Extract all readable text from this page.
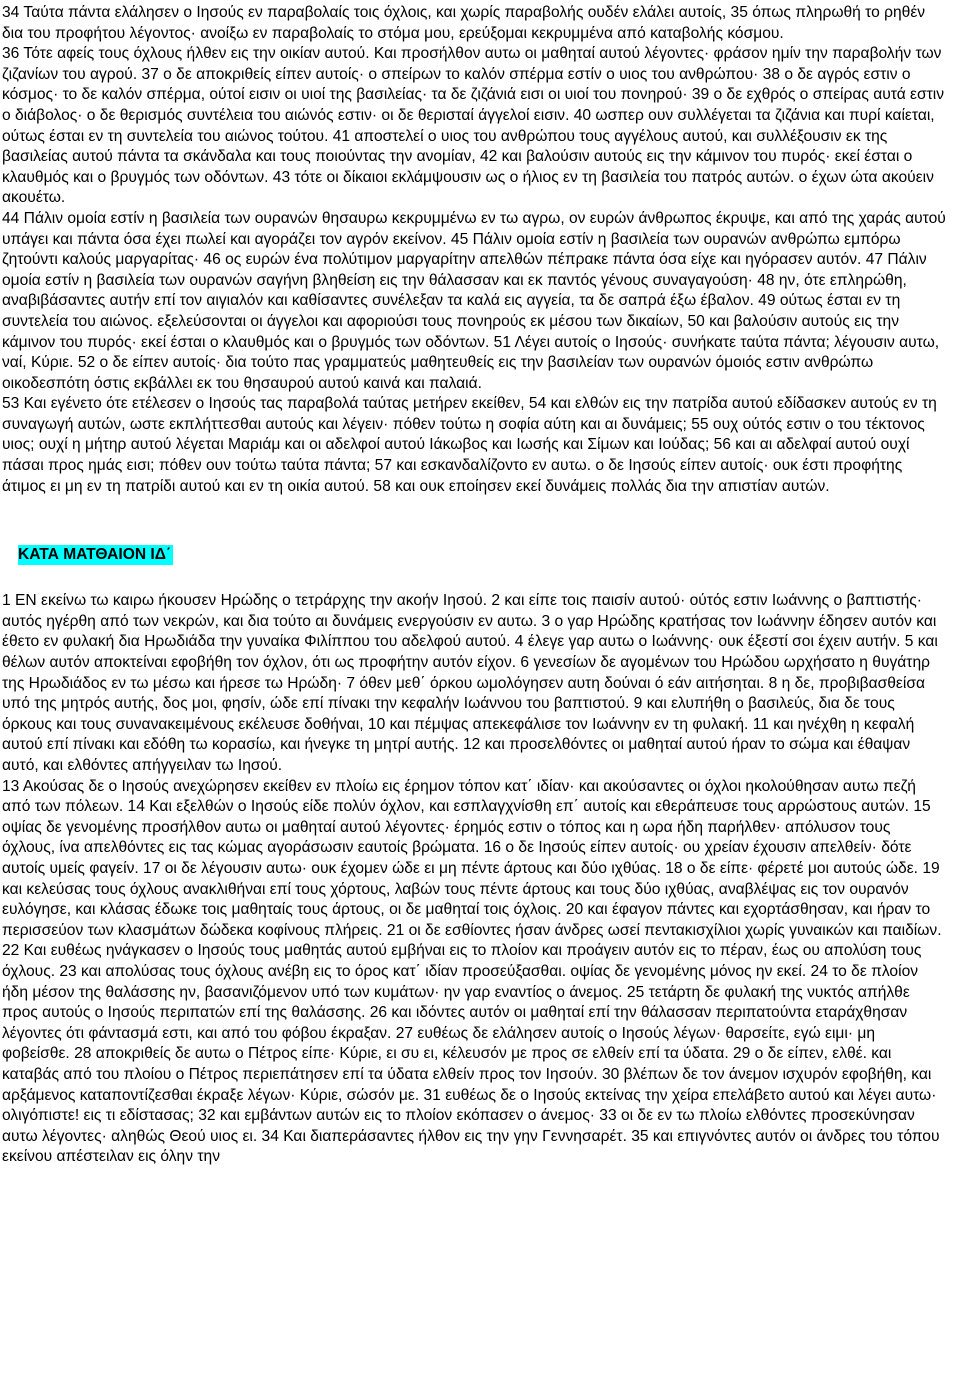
34 Ταύτα πάντα ελάλησεν ο Ιησούς εν παραβολαίς τοις όχλοις, και χωρίς παραβολής ουδέν ελάλει αυτοίς, 35 όπως πληρωθή το ρηθέν δια του προφήτου λέγοντος· ανοίξω εν παραβολαίς το στόμα μου, ερεύξομαι κεκρυμμένα από καταβολής κόσμου.

36 Τότε αφείς τους όχλους ήλθεν εις την οικίαν αυτού. Και προσήλθον αυτω οι μαθηταί αυτού λέγοντες· φράσον ημίν την παραβολήν των ζιζανίων του αγρού. 37 ο δε αποκριθείς είπεν αυτοίς· ο σπείρων το καλόν σπέρμα εστίν ο υιος του ανθρώπου· 38 ο δε αγρός εστιν ο κόσμος· το δε καλόν σπέρμα, ούτοί εισιν οι υιοί της βασιλείας· τα δε ζιζάνιά εισι οι υιοί του πονηρού· 39 ο δε εχθρός ο σπείρας αυτά εστιν ο διάβολος· ο δε θερισμός συντέλεια του αιώνός εστιν· οι δε θερισταί άγγελοί εισιν. 40 ωσπερ ουν συλλέγεται τα ζιζάνια και πυρί καίεται, ούτως έσται εν τη συντελεία του αιώνος τούτου. 41 αποστελεί ο υιος του ανθρώπου τους αγγέλους αυτού, και συλλέξουσιν εκ της βασιλείας αυτού πάντα τα σκάνδαλα και τους ποιούντας την ανομίαν, 42 και βαλούσιν αυτούς εις την κάμινον του πυρός· εκεί έσται ο κλαυθμός και ο βρυγμός των οδόντων. 43 τότε οι δίκαιοι εκλάμψουσιν ως ο ήλιος εν τη βασιλεία του πατρός αυτών. ο έχων ώτα ακούειν ακουέτω.

44 Πάλιν ομοία εστίν η βασιλεία των ουρανών θησαυρω κεκρυμμένω εν τω αγρω, ον ευρών άνθρωπος έκρυψε, και από της χαράς αυτού υπάγει και πάντα όσα έχει πωλεί και αγοράζει τον αγρόν εκείνον. 45 Πάλιν ομοία εστίν η βασιλεία των ουρανών ανθρώπω εμπόρω ζητούντι καλούς μαργαρίτας· 46 ος ευρών ένα πολύτιμον μαργαρίτην απελθών πέπρακε πάντα όσα είχε και ηγόρασεν αυτόν. 47 Πάλιν ομοία εστίν η βασιλεία των ουρανών σαγήνη βληθείση εις την θάλασσαν και εκ παντός γένους συναγαγούση· 48 ην, ότε επληρώθη, αναβιβάσαντες αυτήν επί τον αιγιαλόν και καθίσαντες συνέλεξαν τα καλά εις αγγεία, τα δε σαπρά έξω έβαλον. 49 ούτως έσται εν τη συντελεία του αιώνος. εξελεύσονται οι άγγελοι και αφοριούσι τους πονηρούς εκ μέσου των δικαίων, 50 και βαλούσιν αυτούς εις την κάμινον του πυρός· εκεί έσται ο κλαυθμός και ο βρυγμός των οδόντων. 51 Λέγει αυτοίς ο Ιησούς· συνήκατε ταύτα πάντα; λέγουσιν αυτω, ναί, Κύριε. 52 ο δε είπεν αυτοίς· δια τούτο πας γραμματεύς μαθητευθείς εις την βασιλείαν των ουρανών όμοιός εστιν ανθρώπω οικοδεσπότη όστις εκβάλλει εκ του θησαυρού αυτού καινά και παλαιά.

53 Και εγένετο ότε ετέλεσεν ο Ιησούς τας παραβολά ταύτας μετήρεν εκείθεν, 54 και ελθών εις την πατρίδα αυτού εδίδασκεν αυτούς εν τη συναγωγή αυτών, ωστε εκπλήττεσθαι αυτούς και λέγειν· πόθεν τούτω η σοφία αύτη και αι δυνάμεις; 55 ουχ ούτός εστιν ο του τέκτονος υιος; ουχί η μήτηρ αυτού λέγεται Μαριάμ και οι αδελφοί αυτού Ιάκωβος και Ιωσής και Σίμων και Ιούδας; 56 και αι αδελφαί αυτού ουχί πάσαι προς ημάς εισι; πόθεν ουν τούτω ταύτα πάντα; 57 και εσκανδαλίζοντο εν αυτω. ο δε Ιησούς είπεν αυτοίς· ουκ έστι προφήτης άτιμος ει μη εν τη πατρίδι αυτού και εν τη οικία αυτού. 58 και ουκ εποίησεν εκεί δυνάμεις πολλάς δια την απιστίαν αυτών.

ΚΑΤΑ ΜΑΤΘΑΙΟΝ ΙΔ΄

1 ΕΝ εκείνω τω καιρω ήκουσεν Ηρώδης ο τετράρχης την ακοήν Ιησού. 2 και είπε τοις παισίν αυτού· ούτός εστιν Ιωάννης ο βαπτιστής· αυτός ηγέρθη από των νεκρών, και δια τούτο αι δυνάμεις ενεργούσιν εν αυτω. 3 ο γαρ Ηρώδης κρατήσας τον Ιωάννην έδησεν αυτόν και έθετο εν φυλακή δια Ηρωδιάδα την γυναίκα Φιλίππου του αδελφού αυτού. 4 έλεγε γαρ αυτω ο Ιωάννης· ουκ έξεστί σοι έχειν αυτήν. 5 και θέλων αυτόν αποκτείναι εφοβήθη τον όχλον, ότι ως προφήτην αυτόν είχον. 6 γενεσίων δε αγομένων του Ηρώδου ωρχήσατο η θυγάτηρ της Ηρωδιάδος εν τω μέσω και ήρεσε τω Ηρώδη· 7 όθεν μεθ΄ όρκου ωμολόγησεν αυτη δούναι ό εάν αιτήσηται. 8 η δε, προβιβασθείσα υπό της μητρός αυτής, δος μοι, φησίν, ώδε επί πίνακι την κεφαλήν Ιωάννου του βαπτιστού. 9 και ελυπήθη ο βασιλεύς, δια δε τους όρκους και τους συνανακειμένους εκέλευσε δοθήναι, 10 και πέμψας απεκεφάλισε τον Ιωάννην εν τη φυλακή. 11 και ηνέχθη η κεφαλή αυτού επί πίνακι και εδόθη τω κορασίω, και ήνεγκε τη μητρί αυτής. 12 και προσελθόντες οι μαθηταί αυτού ήραν το σώμα και έθαψαν αυτό, και ελθόντες απήγγειλαν τω Ιησού.

13 Ακούσας δε ο Ιησούς ανεχώρησεν εκείθεν εν πλοίω εις έρημον τόπον κατ΄ ιδίαν· και ακούσαντες οι όχλοι ηκολούθησαν αυτω πεζή από των πόλεων. 14 Και εξελθών ο Ιησούς είδε πολύν όχλον, και εσπλαγχνίσθη επ΄ αυτοίς και εθεράπευσε τους αρρώστους αυτών. 15 οψίας δε γενομένης προσήλθον αυτω οι μαθηταί αυτού λέγοντες· έρημός εστιν ο τόπος και η ωρα ήδη παρήλθεν· απόλυσον τους όχλους, ίνα απελθόντες εις τας κώμας αγοράσωσιν εαυτοίς βρώματα. 16 ο δε Ιησούς είπεν αυτοίς· ου χρείαν έχουσιν απελθείν· δότε αυτοίς υμείς φαγείν. 17 οι δε λέγουσιν αυτω· ουκ έχομεν ώδε ει μη πέντε άρτους και δύο ιχθύας. 18 ο δε είπε· φέρετέ μοι αυτούς ώδε. 19 και κελεύσας τους όχλους ανακλιθήναι επί τους χόρτους, λαβών τους πέντε άρτους και τους δύο ιχθύας, αναβλέψας εις τον ουρανόν ευλόγησε, και κλάσας έδωκε τοις μαθηταίς τους άρτους, οι δε μαθηταί τοις όχλοις. 20 και έφαγον πάντες και εχορτάσθησαν, και ήραν το περισσεύον των κλασμάτων δώδεκα κοφίνους πλήρεις. 21 οι δε εσθίοντες ήσαν άνδρες ωσεί πεντακισχίλιοι χωρίς γυναικών και παιδίων.

22 Και ευθέως ηνάγκασεν ο Ιησούς τους μαθητάς αυτού εμβήναι εις το πλοίον και προάγειν αυτόν εις το πέραν, έως ου απολύση τους όχλους. 23 και απολύσας τους όχλους ανέβη εις το όρος κατ΄ ιδίαν προσεύξασθαι. οψίας δε γενομένης μόνος ην εκεί. 24 το δε πλοίον ήδη μέσον της θαλάσσης ην, βασανιζόμενον υπό των κυμάτων· ην γαρ εναντίος ο άνεμος. 25 τετάρτη δε φυλακή της νυκτός απήλθε προς αυτούς ο Ιησούς περιπατών επί της θαλάσσης. 26 και ιδόντες αυτόν οι μαθηταί επί την θάλασσαν περιπατούντα εταράχθησαν λέγοντες ότι φάντασμά εστι, και από του φόβου έκραξαν. 27 ευθέως δε ελάλησεν αυτοίς ο Ιησούς λέγων· θαρσείτε, εγώ ειμι· μη φοβείσθε. 28 αποκριθείς δε αυτω ο Πέτρος είπε· Κύριε, ει συ ει, κέλευσόν με προς σε ελθείν επί τα ύδατα. 29 ο δε είπεν, ελθέ. και καταβάς από του πλοίου ο Πέτρος περιεπάτησεν επί τα ύδατα ελθείν προς τον Ιησούν. 30 βλέπων δε τον άνεμον ισχυρόν εφοβήθη, και αρξάμενος καταποντίζεσθαι έκραξε λέγων· Κύριε, σώσόν με. 31 ευθέως δε ο Ιησούς εκτείνας την χείρα επελάβετο αυτού και λέγει αυτω· ολιγόπιστε! εις τι εδίστασας; 32 και εμβάντων αυτών εις το πλοίον εκόπασεν ο άνεμος· 33 οι δε εν τω πλοίω ελθόντες προσεκύνησαν αυτω λέγοντες· αληθώς Θεού υιος ει. 34 Και διαπεράσαντες ήλθον εις την γην Γεννησαρέτ. 35 και επιγνόντες αυτόν οι άνδρες του τόπου εκείνου απέστειλαν εις όλην την
